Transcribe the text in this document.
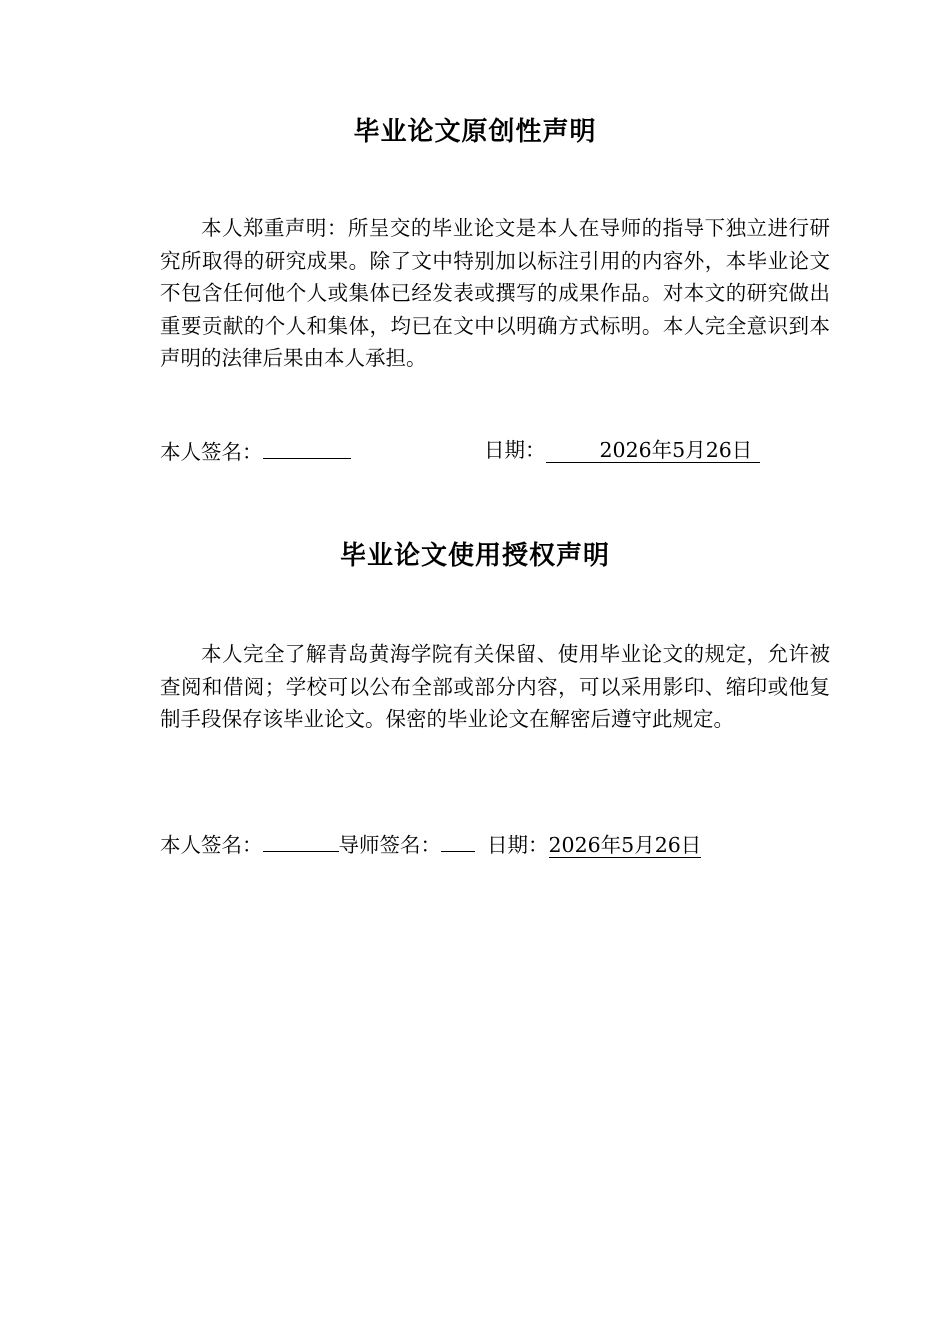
毕业论文原创性声明

本人郑重声明：所呈交的毕业论文是本人在导师的指导下独立进行研究所取得的研究成果。除了文中特别加以标注引用的内容外，本毕业论文不包含任何他个人或集体已经发表或撰写的成果作品。对本文的研究做出重要贡献的个人和集体，均已在文中以明确方式标明。本人完全意识到本声明的法律后果由本人承担。

本人签名：	日期：	2026年5月26日
毕业论文使用授权声明

本人完全了解青岛黄海学院有关保留、使用毕业论文的规定，允许被查阅和借阅；学校可以公布全部或部分内容，可以采用影印、缩印或他复制手段保存该毕业论文。保密的毕业论文在解密后遵守此规定。

本人签名：	导师签名： 日期：2026年5月26日
